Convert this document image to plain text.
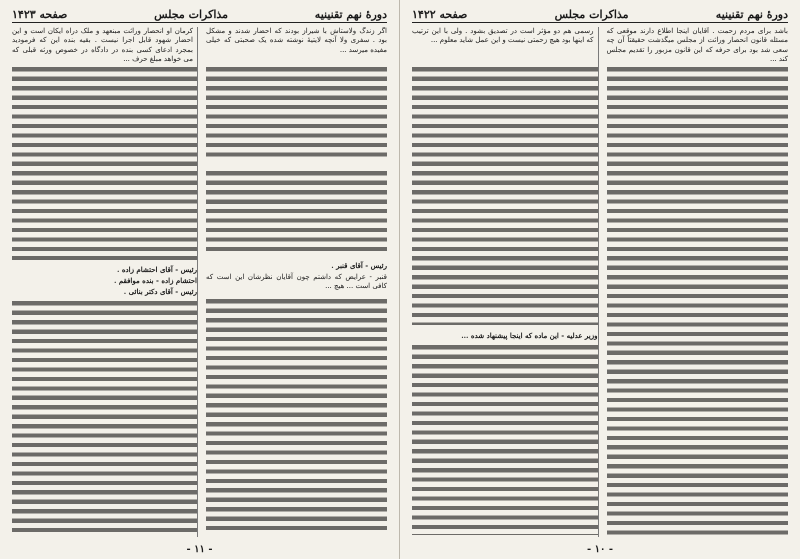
دورهٔ نهم تقنینیه
مذاکرات مجلس
صفحه ۱۴۲۳

اگر زندگ ولاستاش با شیراز بودند که احضار شدند و مشکل بود . سفری ولا آنچه لایتیهٔ نوشته شده یک صحبتی که خیلی مفیده میرسد ...

رئیس - آقای قنبر .

قنبر - عرایض که داشتم چون آقایان نظرشان این است که کافی است ... هیچ ...

کرمان او انحصار وراثت مبنعهد و ملک دراه ایکان است و این احضار شهود قابل اجرا نیست . بقیه بنده این که فرمودید بمجرد ادعای کسی بنده در دادگاه در خصوص ورثه قبلی که می خواهد مبلغ حرف ...

رئیس - آقای احتشام زاده .

احتشام زاده - بنده موافقم .

رئیس - آقای دکتر بنائی .

- ۱۱ -
دورهٔ نهم تقنینیه
مذاکرات مجلس
صفحه ۱۴۲۲

باشد برای مردم زحمت . آقایان اینجا اطلاع دارند موقعی که مسئله قانون انحصار وراثت از مجلس میگذشت حقیقتاً آن چه سعی شد بود برای حرفه که این قانون مزبور را تقدیم مجلس کند ...

رسمی هم دو مؤثر است در تصدیق بشود . ولی با این ترتیب که اینها بود هیچ زحمتی نیست و این عمل شاید معلوم ...

وزیر عدلیه - این ماده که اینجا پیشنهاد شده ...

- ۱۰ -
